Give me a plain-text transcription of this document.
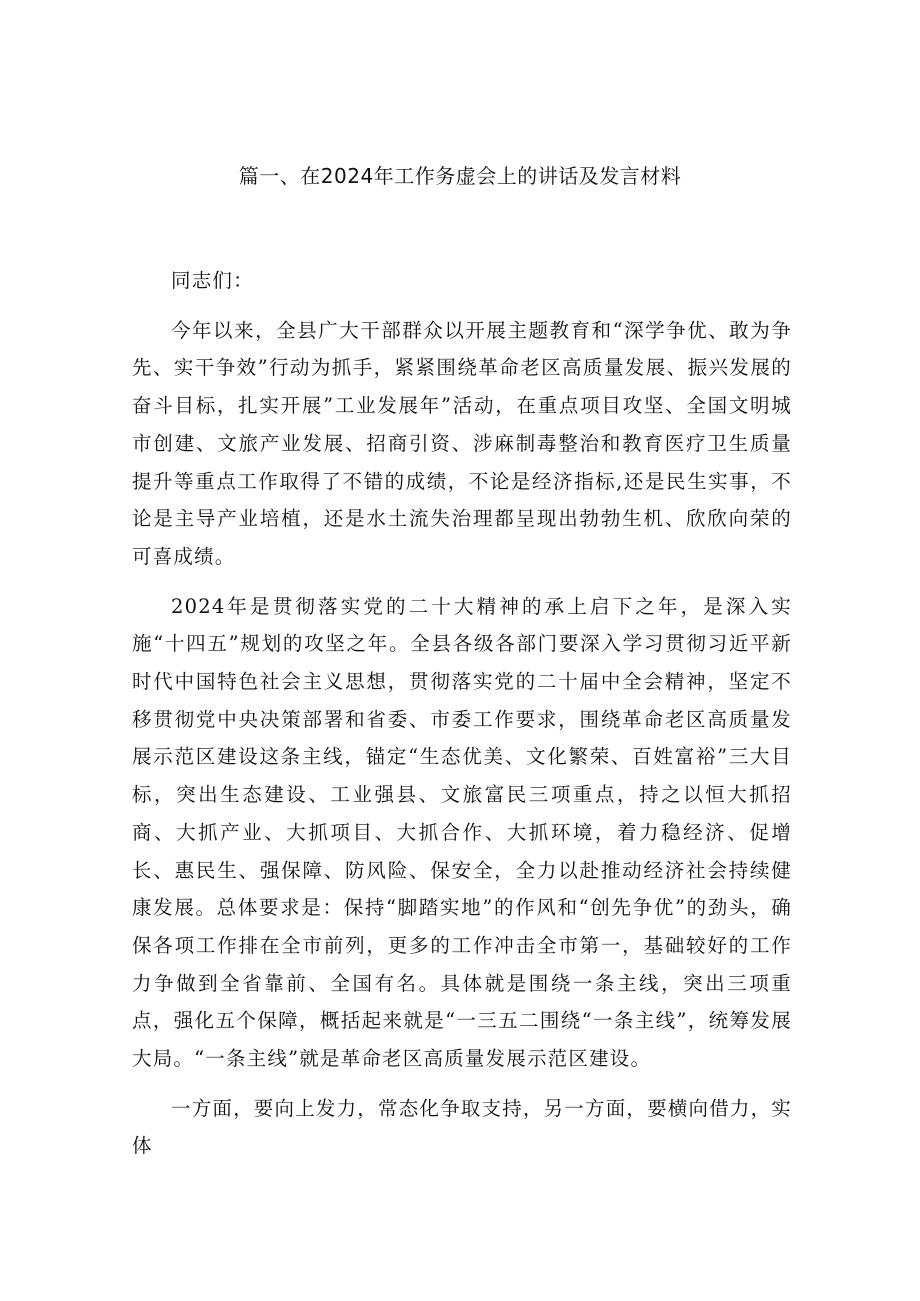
篇一、在2024年工作务虚会上的讲话及发言材料

同志们：

今年以来，全县广大干部群众以开展主题教育和“深学争优、敢为争先、实干争效”行动为抓手，紧紧围绕革命老区高质量发展、振兴发展的奋斗目标，扎实开展”工业发展年”活动，在重点项目攻坚、全国文明城市创建、文旅产业发展、招商引资、涉麻制毒整治和教育医疗卫生质量提升等重点工作取得了不错的成绩，不论是经济指标,还是民生实事，不论是主导产业培植，还是水土流失治理都呈现出勃勃生机、欣欣向荣的可喜成绩。

2024年是贯彻落实党的二十大精神的承上启下之年，是深入实施“十四五”规划的攻坚之年。全县各级各部门要深入学习贯彻习近平新时代中国特色社会主义思想，贯彻落实党的二十届中全会精神，坚定不移贯彻党中央决策部署和省委、市委工作要求，围绕革命老区高质量发展示范区建设这条主线，锚定“生态优美、文化繁荣、百姓富裕”三大目标，突出生态建设、工业强县、文旅富民三项重点，持之以恒大抓招商、大抓产业、大抓项目、大抓合作、大抓环境，着力稳经济、促增长、惠民生、强保障、防风险、保安全，全力以赴推动经济社会持续健康发展。总体要求是：保持“脚踏实地”的作风和“创先争优”的劲头，确保各项工作排在全市前列，更多的工作冲击全市第一，基础较好的工作力争做到全省靠前、全国有名。具体就是围绕一条主线，突出三项重点，强化五个保障，概括起来就是“一三五二围绕“一条主线”，统筹发展大局。“一条主线”就是革命老区高质量发展示范区建设。

一方面，要向上发力，常态化争取支持，另一方面，要横向借力，实体
